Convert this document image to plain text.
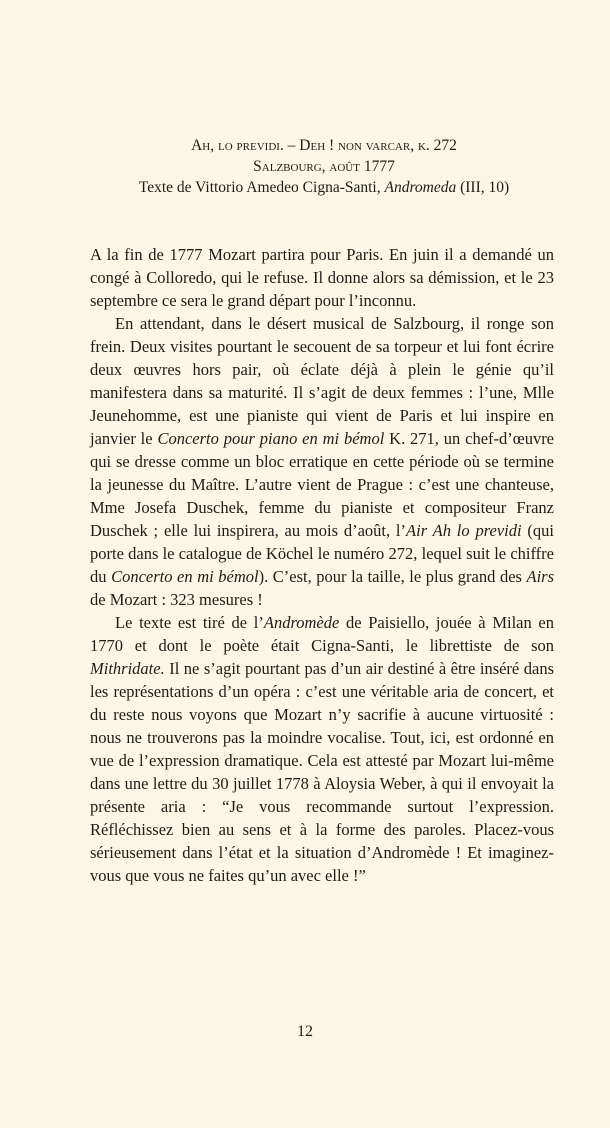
Ah, lo previdi. – Deh ! non varcar, k. 272
Salzbourg, août 1777
Texte de Vittorio Amedeo Cigna-Santi, Andromeda (III, 10)

A la fin de 1777 Mozart partira pour Paris. En juin il a demandé un congé à Colloredo, qui le refuse. Il donne alors sa démission, et le 23 septembre ce sera le grand départ pour l’inconnu.

En attendant, dans le désert musical de Salzbourg, il ronge son frein. Deux visites pourtant le secouent de sa torpeur et lui font écrire deux œuvres hors pair, où éclate déjà à plein le génie qu’il manifestera dans sa maturité. Il s’agit de deux femmes : l’une, Mlle Jeunehomme, est une pianiste qui vient de Paris et lui inspire en janvier le Concerto pour piano en mi bémol K. 271, un chef-d’œuvre qui se dresse comme un bloc erratique en cette période où se termine la jeunesse du Maître. L’autre vient de Prague : c’est une chanteuse, Mme Josefa Duschek, femme du pianiste et compositeur Franz Duschek ; elle lui inspirera, au mois d’août, l’Air Ah lo previdi (qui porte dans le catalogue de Köchel le numéro 272, lequel suit le chiffre du Concerto en mi bémol). C’est, pour la taille, le plus grand des Airs de Mozart : 323 mesures !

Le texte est tiré de l’Andromède de Paisiello, jouée à Milan en 1770 et dont le poète était Cigna-Santi, le librettiste de son Mithridate. Il ne s’agit pourtant pas d’un air destiné à être inséré dans les représentations d’un opéra : c’est une véritable aria de concert, et du reste nous voyons que Mozart n’y sacrifie à aucune virtuosité : nous ne trouverons pas la moindre vocalise. Tout, ici, est ordonné en vue de l’expression dramatique. Cela est attesté par Mozart lui-même dans une lettre du 30 juillet 1778 à Aloysia Weber, à qui il envoyait la présente aria : “Je vous recommande surtout l’expression. Réfléchissez bien au sens et à la forme des paroles. Placez-vous sérieusement dans l’état et la situation d’Andromède ! Et imaginez-vous que vous ne faites qu’un avec elle !”

12
